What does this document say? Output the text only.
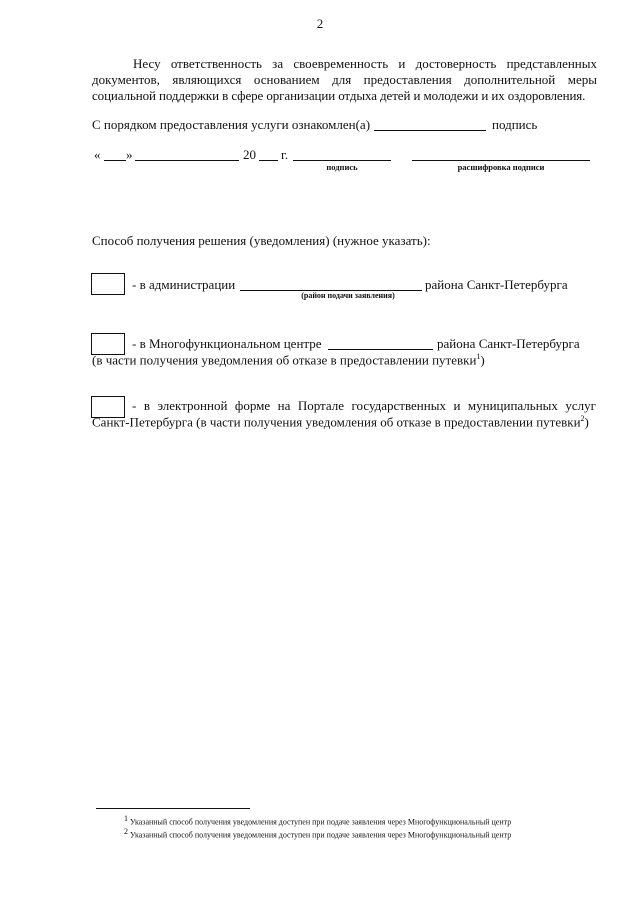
2
Несу ответственность за своевременность и достоверность представленных
документов, являющихся основанием для предоставления дополнительной меры
социальной поддержки в сфере организации отдыха детей и молодежи и их оздоровления.
С порядком предоставления услуги ознакомлен(а)	подпись
« »	20 г.
подпись	расшифровка подписи
Способ получения решения (уведомления) (нужное указать):
- в администрации	района Санкт-Петербурга
(район подачи заявления)
- в Многофункциональном центре	района Санкт-Петербурга
(в части получения уведомления об отказе в предоставлении путевки$^1$)
- в электронной форме на Портале государственных и муниципальных услуг
Санкт-Петербурга (в части получения уведомления об отказе в предоставлении путевки$^2$)
$^1$ Указанный способ получения уведомления доступен при подаче заявления через Многофункциональный центр
$^2$ Указанный способ получения уведомления доступен при подаче заявления через Многофункциональный центр
